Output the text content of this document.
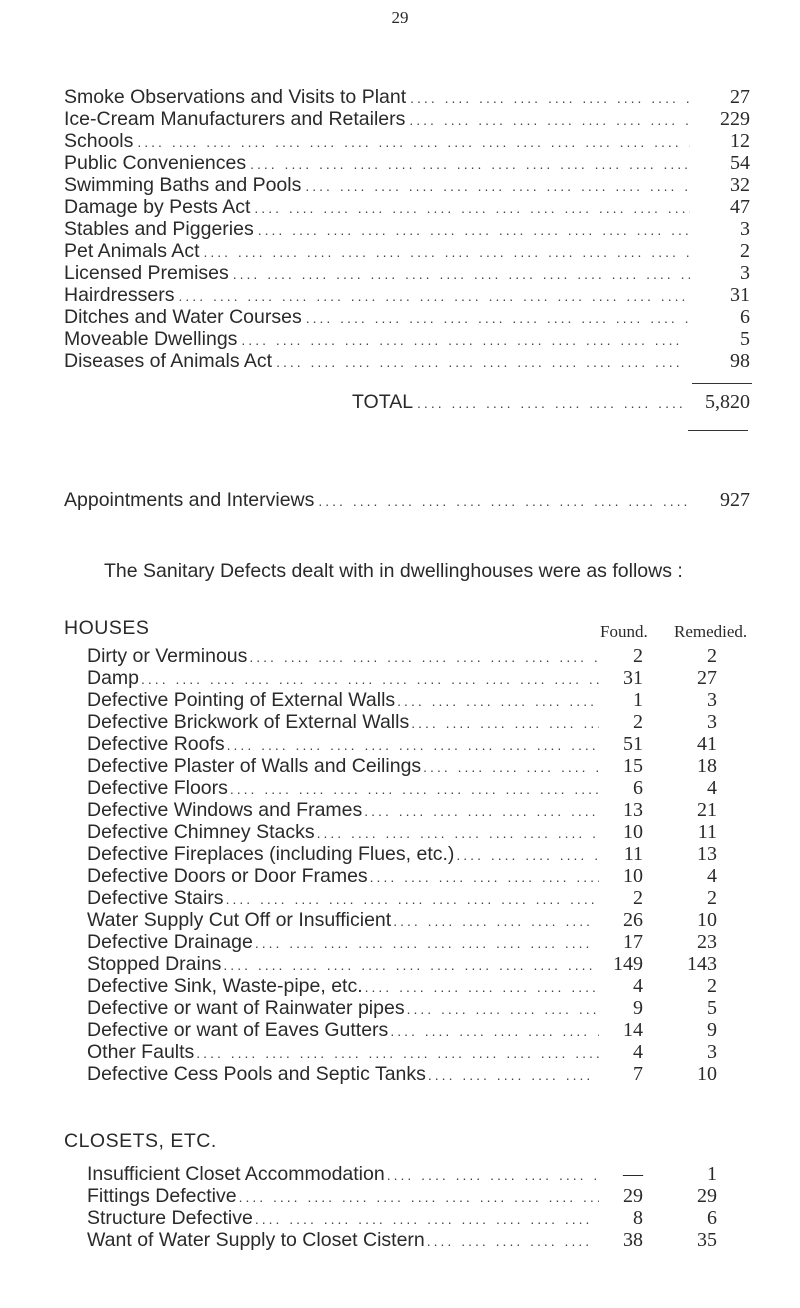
29
Smoke Observations and Visits to Plant ....	27
Ice-Cream Manufacturers and Retailers ....	229
Schools ....	12
Public Conveniences ....	54
Swimming Baths and Pools ....	32
Damage by Pests Act ....	47
Stables and Piggeries ....	3
Pet Animals Act ....	2
Licensed Premises ....	3
Hairdressers ....	31
Ditches and Water Courses ....	6
Moveable Dwellings ....	5
Diseases of Animals Act ....	98
TOTAL ....	5,820
Appointments and Interviews ....	927
The Sanitary Defects dealt with in dwellinghouses were as follows :
HOUSES	Found. Remedied.
Dirty or Verminous ....	2	2
Damp ....	31	27
Defective Pointing of External Walls ....	1	3
Defective Brickwork of External Walls ....	2	3
Defective Roofs ....	51	41
Defective Plaster of Walls and Ceilings ....	15	18
Defective Floors ....	6	4
Defective Windows and Frames ....	13	21
Defective Chimney Stacks ....	10	11
Defective Fireplaces (including Flues, etc.) ....	11	13
Defective Doors or Door Frames ....	10	4
Defective Stairs ....	2	2
Water Supply Cut Off or Insufficient ....	26	10
Defective Drainage ....	17	23
Stopped Drains ....	149	143
Defective Sink, Waste-pipe, etc. ....	4	2
Defective or want of Rainwater pipes ....	9	5
Defective or want of Eaves Gutters ....	14	9
Other Faults ....	4	3
Defective Cess Pools and Septic Tanks ....	7	10
CLOSETS, ETC.
Insufficient Closet Accommodation ....	—	1
Fittings Defective ....	29	29
Structure Defective ....	8	6
Want of Water Supply to Closet Cistern ....	38	35
